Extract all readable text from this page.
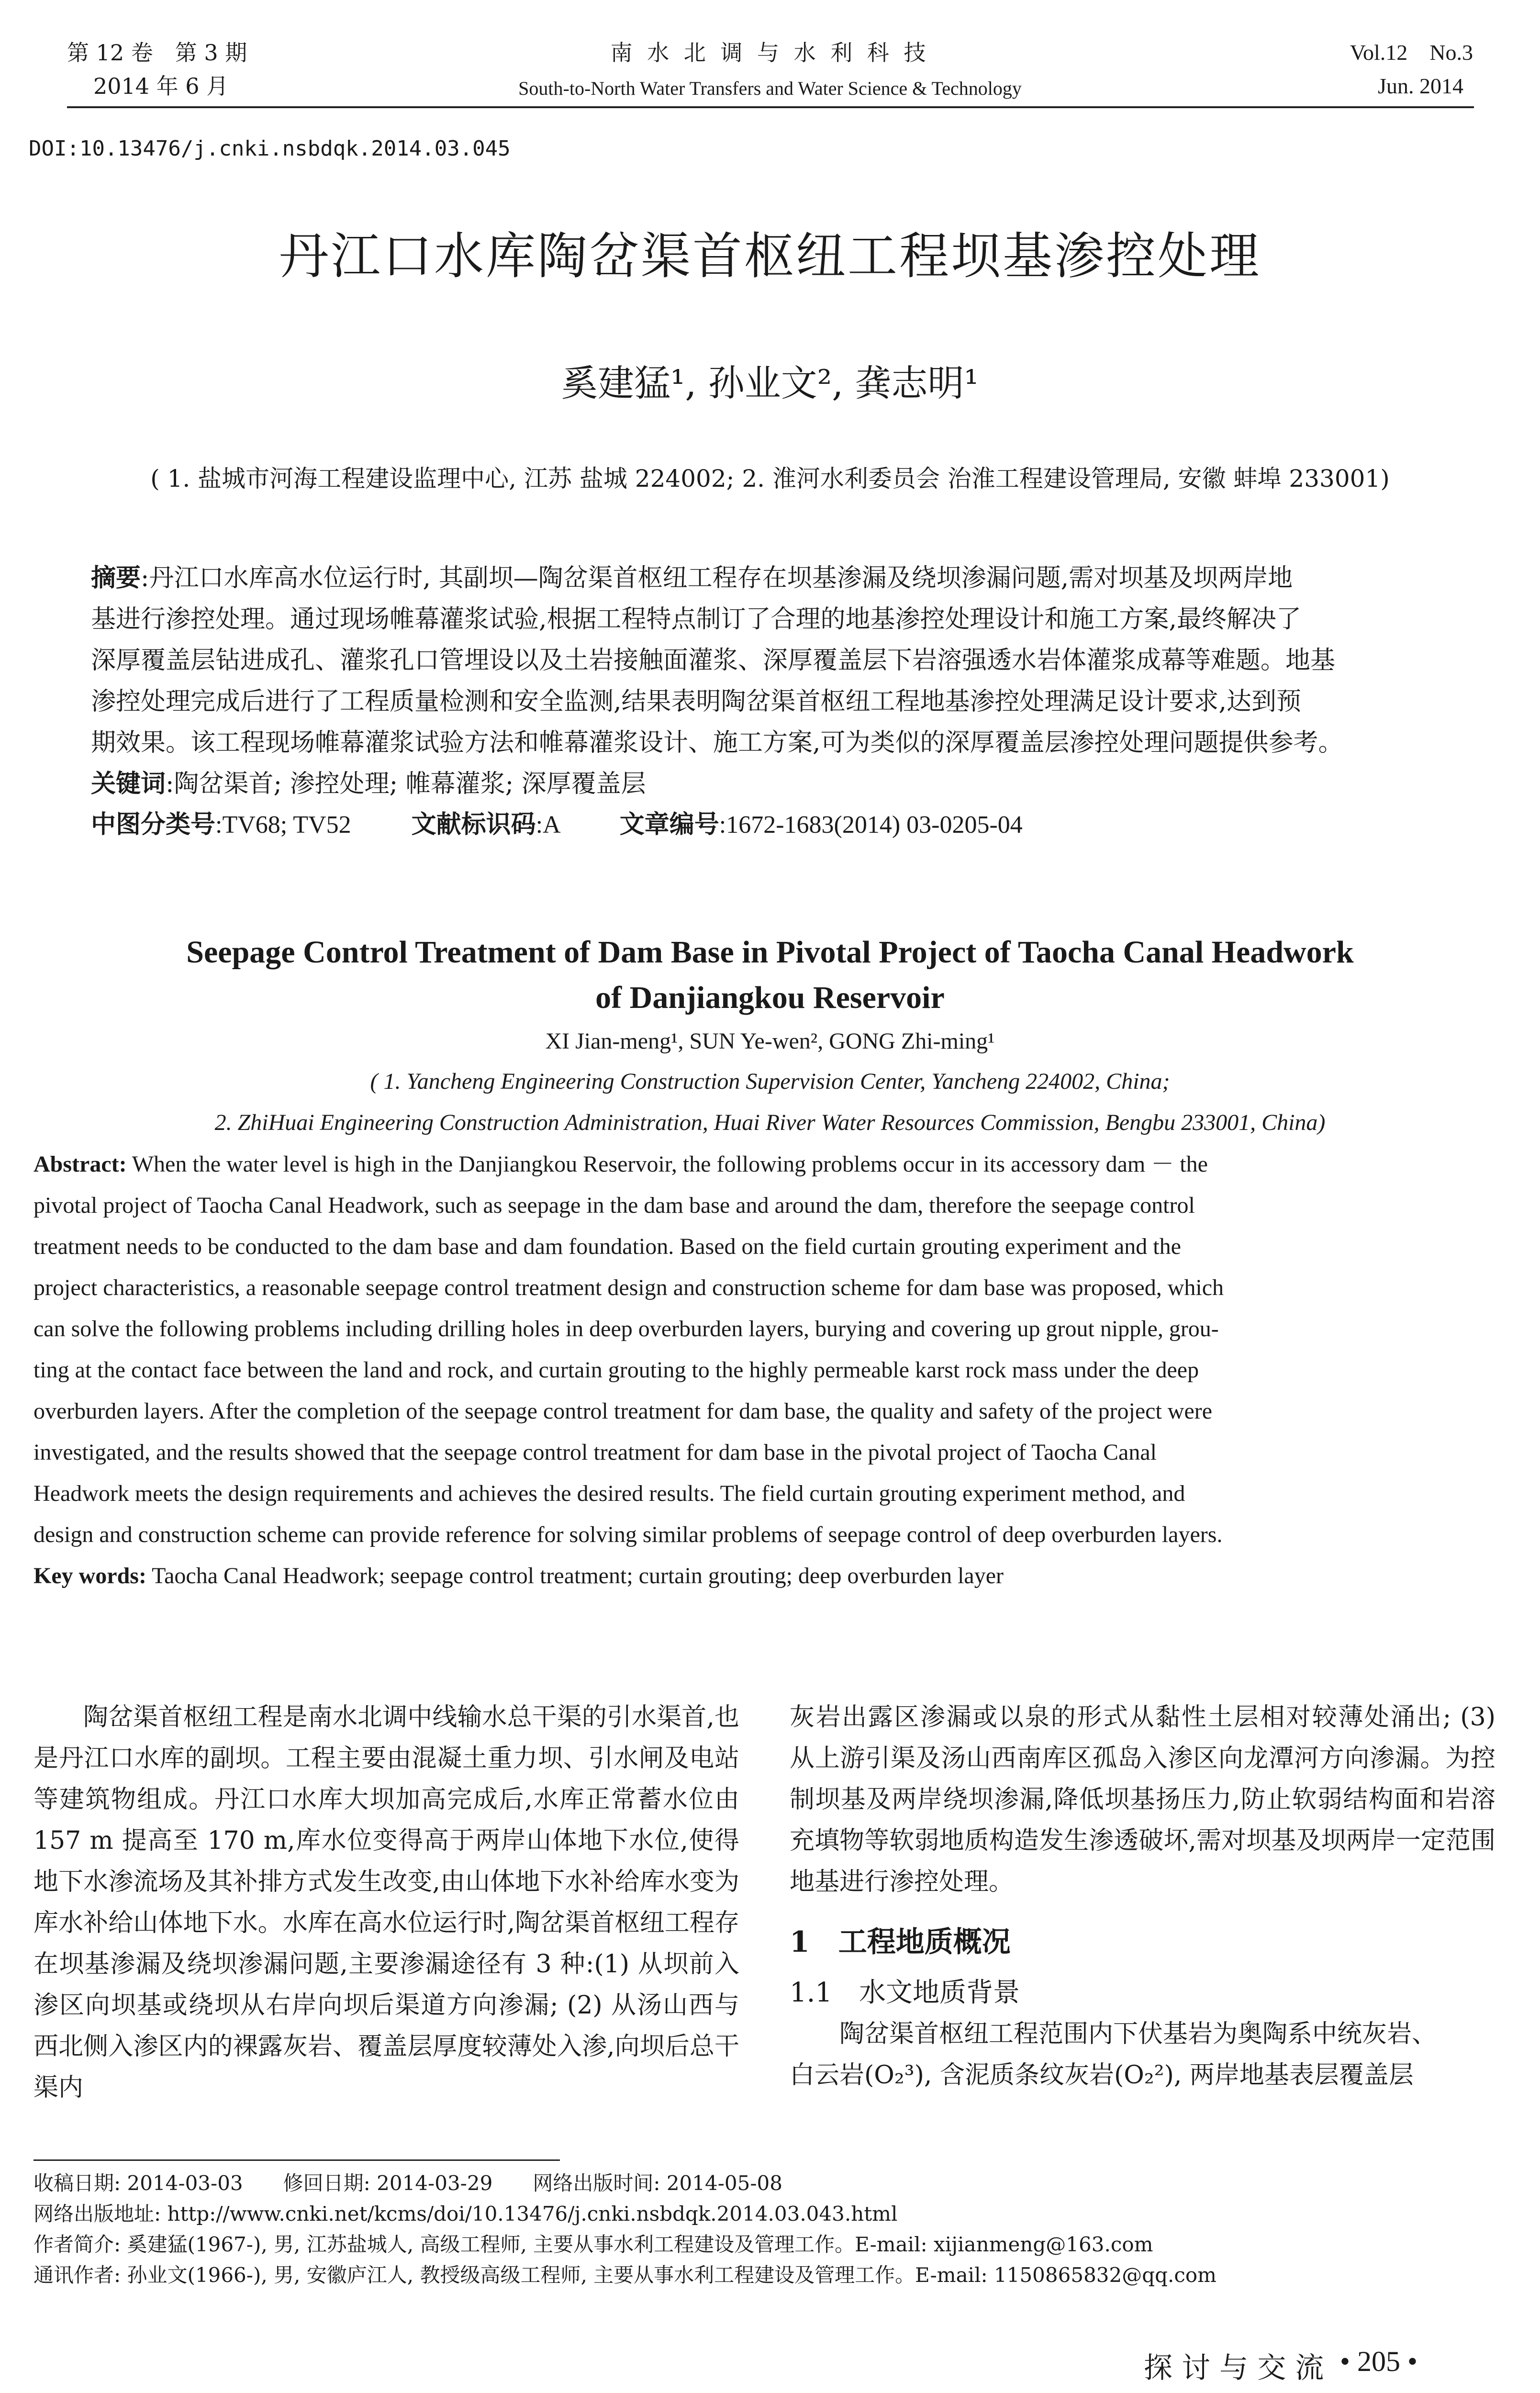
第 12 卷　第 3 期
2014 年 6 月
南 水 北 调 与 水 利 科 技
South-to-North Water Transfers and Water Science & Technology
Vol.12　No.3
Jun. 2014
DOI:10.13476/j.cnki.nsbdqk.2014.03.045
丹江口水库陶岔渠首枢纽工程坝基渗控处理
奚建猛¹, 孙业文², 龚志明¹
( 1. 盐城市河海工程建设监理中心, 江苏 盐城 224002; 2. 淮河水利委员会 治淮工程建设管理局, 安徽 蚌埠 233001)
摘要:丹江口水库高水位运行时, 其副坝—陶岔渠首枢纽工程存在坝基渗漏及绕坝渗漏问题,需对坝基及坝两岸地
基进行渗控处理。通过现场帷幕灌浆试验,根据工程特点制订了合理的地基渗控处理设计和施工方案,最终解决了
深厚覆盖层钻进成孔、灌浆孔口管埋设以及土岩接触面灌浆、深厚覆盖层下岩溶强透水岩体灌浆成幕等难题。地基
渗控处理完成后进行了工程质量检测和安全监测,结果表明陶岔渠首枢纽工程地基渗控处理满足设计要求,达到预
期效果。该工程现场帷幕灌浆试验方法和帷幕灌浆设计、施工方案,可为类似的深厚覆盖层渗控处理问题提供参考。
关键词:陶岔渠首; 渗控处理; 帷幕灌浆; 深厚覆盖层
中图分类号:TV68; TV52 文献标识码:A 文章编号:1672-1683(2014) 03-0205-04
Seepage Control Treatment of Dam Base in Pivotal Project of Taocha Canal Headwork
of Danjiangkou Reservoir
XI Jian-meng¹, SUN Ye-wen², GONG Zhi-ming¹
( 1. Yancheng Engineering Construction Supervision Center, Yancheng 224002, China;
2. ZhiHuai Engineering Construction Administration, Huai River Water Resources Commission, Bengbu 233001, China)
Abstract: When the water level is high in the Danjiangkou Reservoir, the following problems occur in its accessory dam － the
pivotal project of Taocha Canal Headwork, such as seepage in the dam base and around the dam, therefore the seepage control
treatment needs to be conducted to the dam base and dam foundation. Based on the field curtain grouting experiment and the
project characteristics, a reasonable seepage control treatment design and construction scheme for dam base was proposed, which
can solve the following problems including drilling holes in deep overburden layers, burying and covering up grout nipple, grou-
ting at the contact face between the land and rock, and curtain grouting to the highly permeable karst rock mass under the deep
overburden layers. After the completion of the seepage control treatment for dam base, the quality and safety of the project were
investigated, and the results showed that the seepage control treatment for dam base in the pivotal project of Taocha Canal
Headwork meets the design requirements and achieves the desired results. The field curtain grouting experiment method, and
design and construction scheme can provide reference for solving similar problems of seepage control of deep overburden layers.
Key words: Taocha Canal Headwork; seepage control treatment; curtain grouting; deep overburden layer

陶岔渠首枢纽工程是南水北调中线输水总干渠的引水渠首,也是丹江口水库的副坝。工程主要由混凝土重力坝、引水闸及电站等建筑物组成。丹江口水库大坝加高完成后,水库正常蓄水位由 157 m 提高至 170 m,库水位变得高于两岸山体地下水位,使得地下水渗流场及其补排方式发生改变,由山体地下水补给库水变为库水补给山体地下水。水库在高水位运行时,陶岔渠首枢纽工程存在坝基渗漏及绕坝渗漏问题,主要渗漏途径有 3 种:(1) 从坝前入渗区向坝基或绕坝从右岸向坝后渠道方向渗漏; (2) 从汤山西与西北侧入渗区内的裸露灰岩、覆盖层厚度较薄处入渗,向坝后总干渠内

灰岩出露区渗漏或以泉的形式从黏性土层相对较薄处涌出; (3) 从上游引渠及汤山西南库区孤岛入渗区向龙潭河方向渗漏。为控制坝基及两岸绕坝渗漏,降低坝基扬压力,防止软弱结构面和岩溶充填物等软弱地质构造发生渗透破坏,需对坝基及坝两岸一定范围地基进行渗控处理。
1　工程地质概况
1.1　水文地质背景
陶岔渠首枢纽工程范围内下伏基岩为奥陶系中统灰岩、
白云岩(O₂³), 含泥质条纹灰岩(O₂²), 两岸地基表层覆盖层
收稿日期: 2014-03-03　　修回日期: 2014-03-29　　网络出版时间: 2014-05-08
网络出版地址: http://www.cnki.net/kcms/doi/10.13476/j.cnki.nsbdqk.2014.03.043.html
作者简介: 奚建猛(1967-), 男, 江苏盐城人, 高级工程师, 主要从事水利工程建设及管理工作。E-mail: xijianmeng@163.com
通讯作者: 孙业文(1966-), 男, 安徽庐江人, 教授级高级工程师, 主要从事水利工程建设及管理工作。E-mail: 1150865832@qq.com
探 讨 与 交 流 • 205 •
